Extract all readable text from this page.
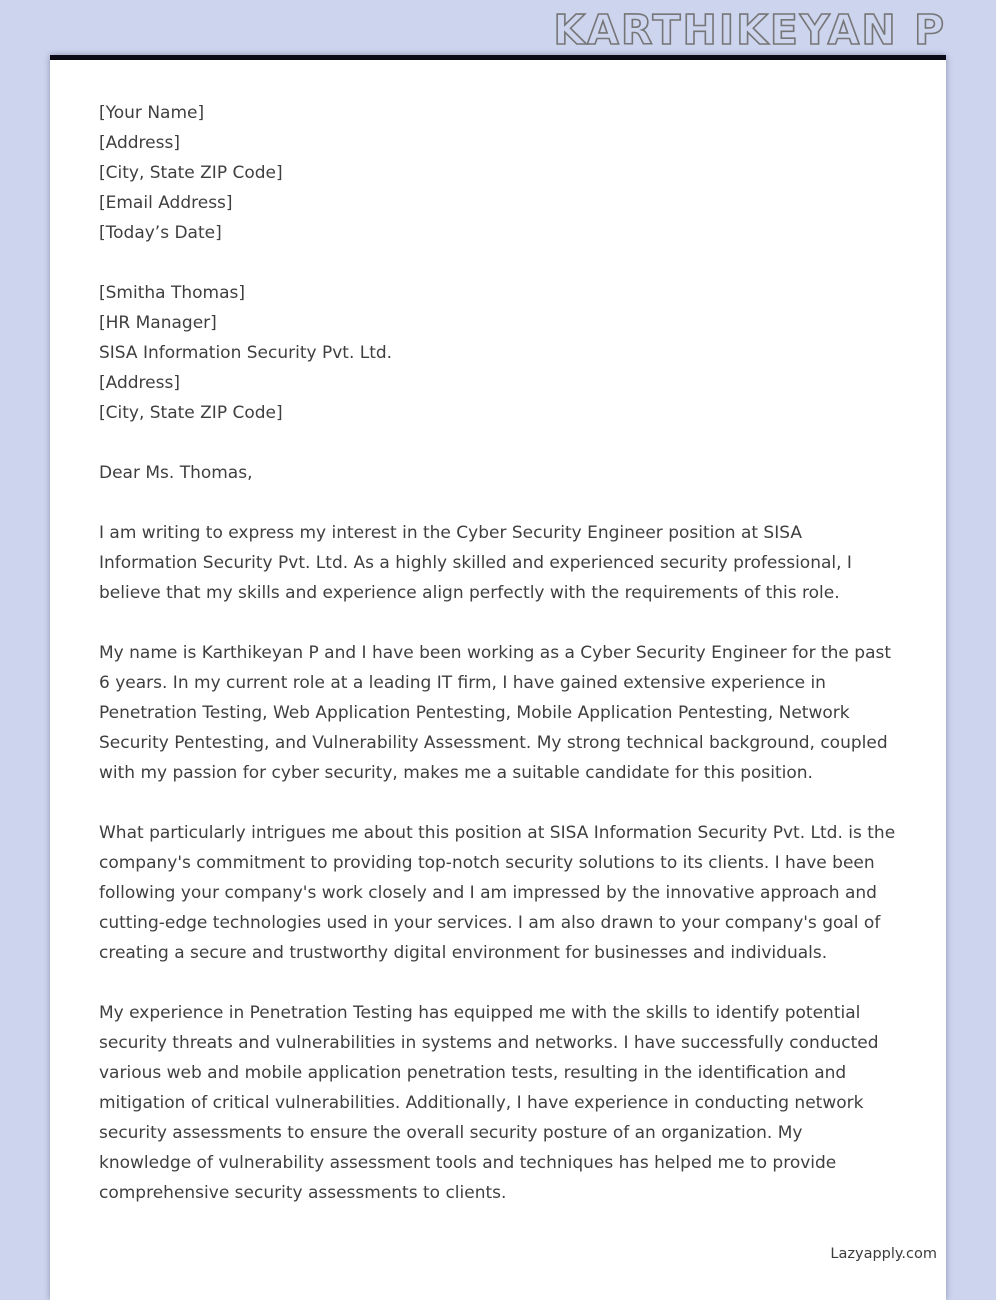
KARTHIKEYAN P
[Your Name]
[Address]
[City, State ZIP Code]
[Email Address]
[Today’s Date]
[Smitha Thomas]
[HR Manager]
SISA Information Security Pvt. Ltd.
[Address]
[City, State ZIP Code]

Dear Ms. Thomas,

I am writing to express my interest in the Cyber Security Engineer position at SISA Information Security Pvt. Ltd. As a highly skilled and experienced security professional, I believe that my skills and experience align perfectly with the requirements of this role.

My name is Karthikeyan P and I have been working as a Cyber Security Engineer for the past 6 years. In my current role at a leading IT firm, I have gained extensive experience in Penetration Testing, Web Application Pentesting, Mobile Application Pentesting, Network Security Pentesting, and Vulnerability Assessment. My strong technical background, coupled with my passion for cyber security, makes me a suitable candidate for this position.

What particularly intrigues me about this position at SISA Information Security Pvt. Ltd. is the company's commitment to providing top-notch security solutions to its clients. I have been following your company's work closely and I am impressed by the innovative approach and cutting-edge technologies used in your services. I am also drawn to your company's goal of creating a secure and trustworthy digital environment for businesses and individuals.

My experience in Penetration Testing has equipped me with the skills to identify potential security threats and vulnerabilities in systems and networks. I have successfully conducted various web and mobile application penetration tests, resulting in the identification and mitigation of critical vulnerabilities. Additionally, I have experience in conducting network security assessments to ensure the overall security posture of an organization. My knowledge of vulnerability assessment tools and techniques has helped me to provide comprehensive security assessments to clients.

Lazyapply.com
